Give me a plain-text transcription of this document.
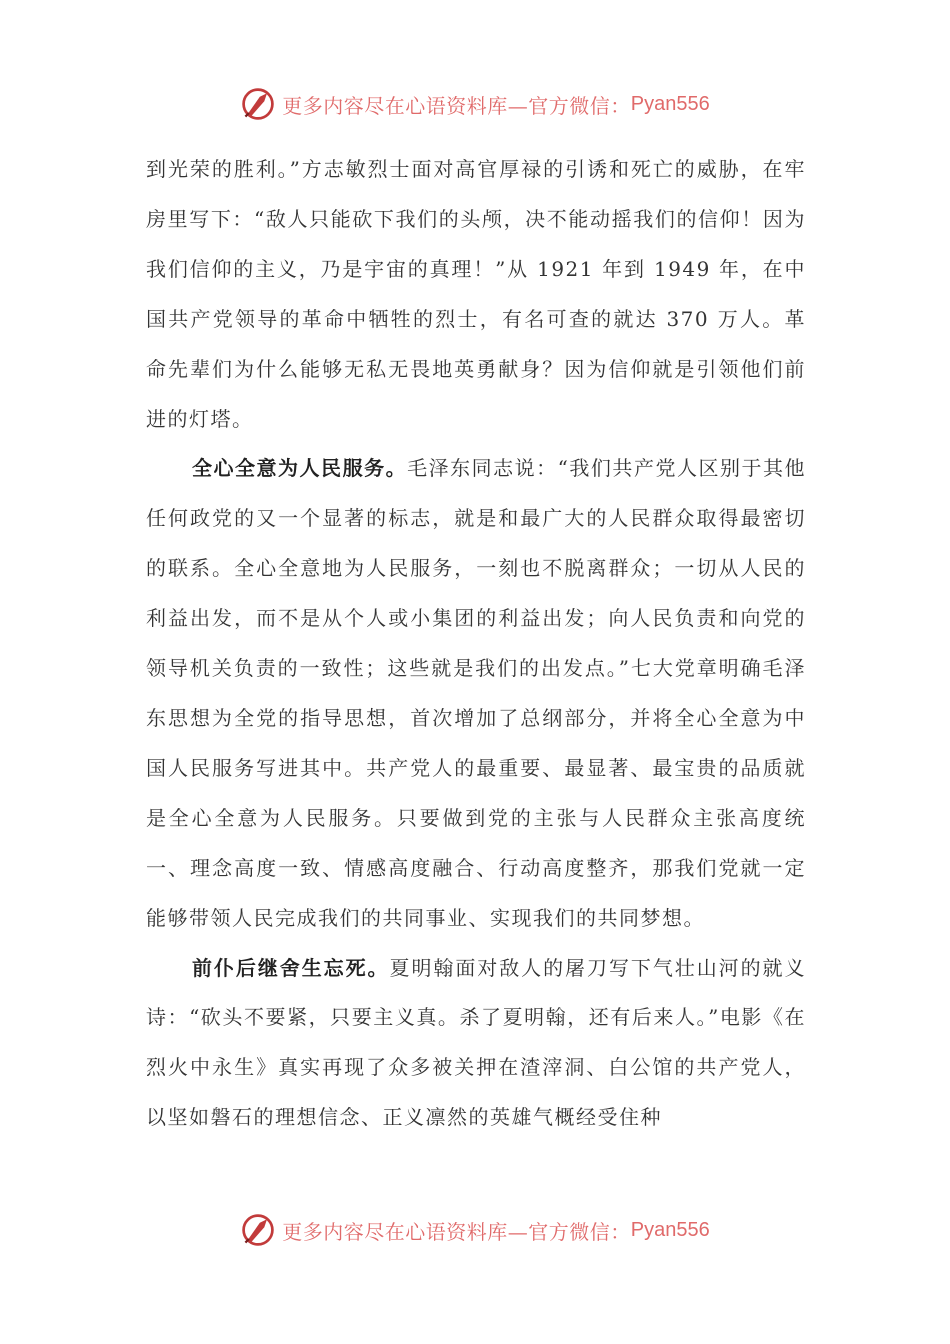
更多内容尽在心语资料库—官方微信： Pyan556

到光荣的胜利。”方志敏烈士面对高官厚禄的引诱和死亡的威胁，在牢房里写下：“敌人只能砍下我们的头颅，决不能动摇我们的信仰！因为我们信仰的主义，乃是宇宙的真理！”从 1921 年到 1949 年，在中国共产党领导的革命中牺牲的烈士，有名可查的就达 370 万人。革命先辈们为什么能够无私无畏地英勇献身？因为信仰就是引领他们前进的灯塔。

全心全意为人民服务。毛泽东同志说：“我们共产党人区别于其他任何政党的又一个显著的标志，就是和最广大的人民群众取得最密切的联系。全心全意地为人民服务，一刻也不脱离群众；一切从人民的利益出发，而不是从个人或小集团的利益出发；向人民负责和向党的领导机关负责的一致性；这些就是我们的出发点。”七大党章明确毛泽东思想为全党的指导思想，首次增加了总纲部分，并将全心全意为中国人民服务写进其中。共产党人的最重要、最显著、最宝贵的品质就是全心全意为人民服务。只要做到党的主张与人民群众主张高度统一、理念高度一致、情感高度融合、行动高度整齐，那我们党就一定能够带领人民完成我们的共同事业、实现我们的共同梦想。

前仆后继舍生忘死。夏明翰面对敌人的屠刀写下气壮山河的就义诗：“砍头不要紧，只要主义真。杀了夏明翰，还有后来人。”电影《在烈火中永生》真实再现了众多被关押在渣滓洞、白公馆的共产党人，以坚如磐石的理想信念、正义凛然的英雄气概经受住种

更多内容尽在心语资料库—官方微信： Pyan556
